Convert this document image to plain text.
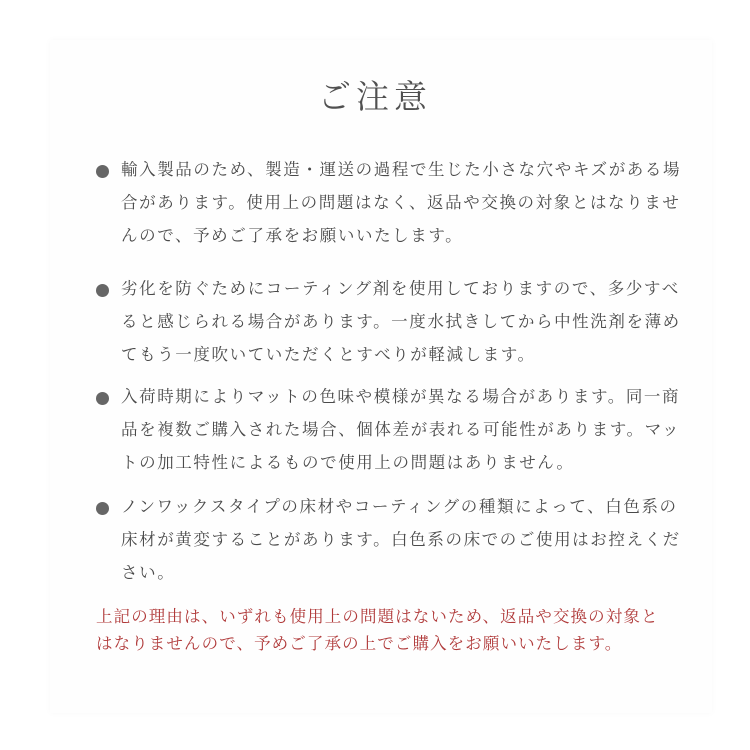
ご注意
輸入製品のため、製造・運送の過程で生じた小さな穴やキズがある場合があります。使用上の問題はなく、返品や交換の対象とはなりませんので、予めご了承をお願いいたします。
劣化を防ぐためにコーティング剤を使用しておりますので、多少すべると感じられる場合があります。一度水拭きしてから中性洗剤を薄めてもう一度吹いていただくとすべりが軽減します。
入荷時期によりマットの色味や模様が異なる場合があります。同一商品を複数ご購入された場合、個体差が表れる可能性があります。マットの加工特性によるもので使用上の問題はありません。
ノンワックスタイプの床材やコーティングの種類によって、白色系の床材が黄変することがあります。白色系の床でのご使用はお控えください。
上記の理由は、いずれも使用上の問題はないため、返品や交換の対象とはなりませんので、予めご了承の上でご購入をお願いいたします。
